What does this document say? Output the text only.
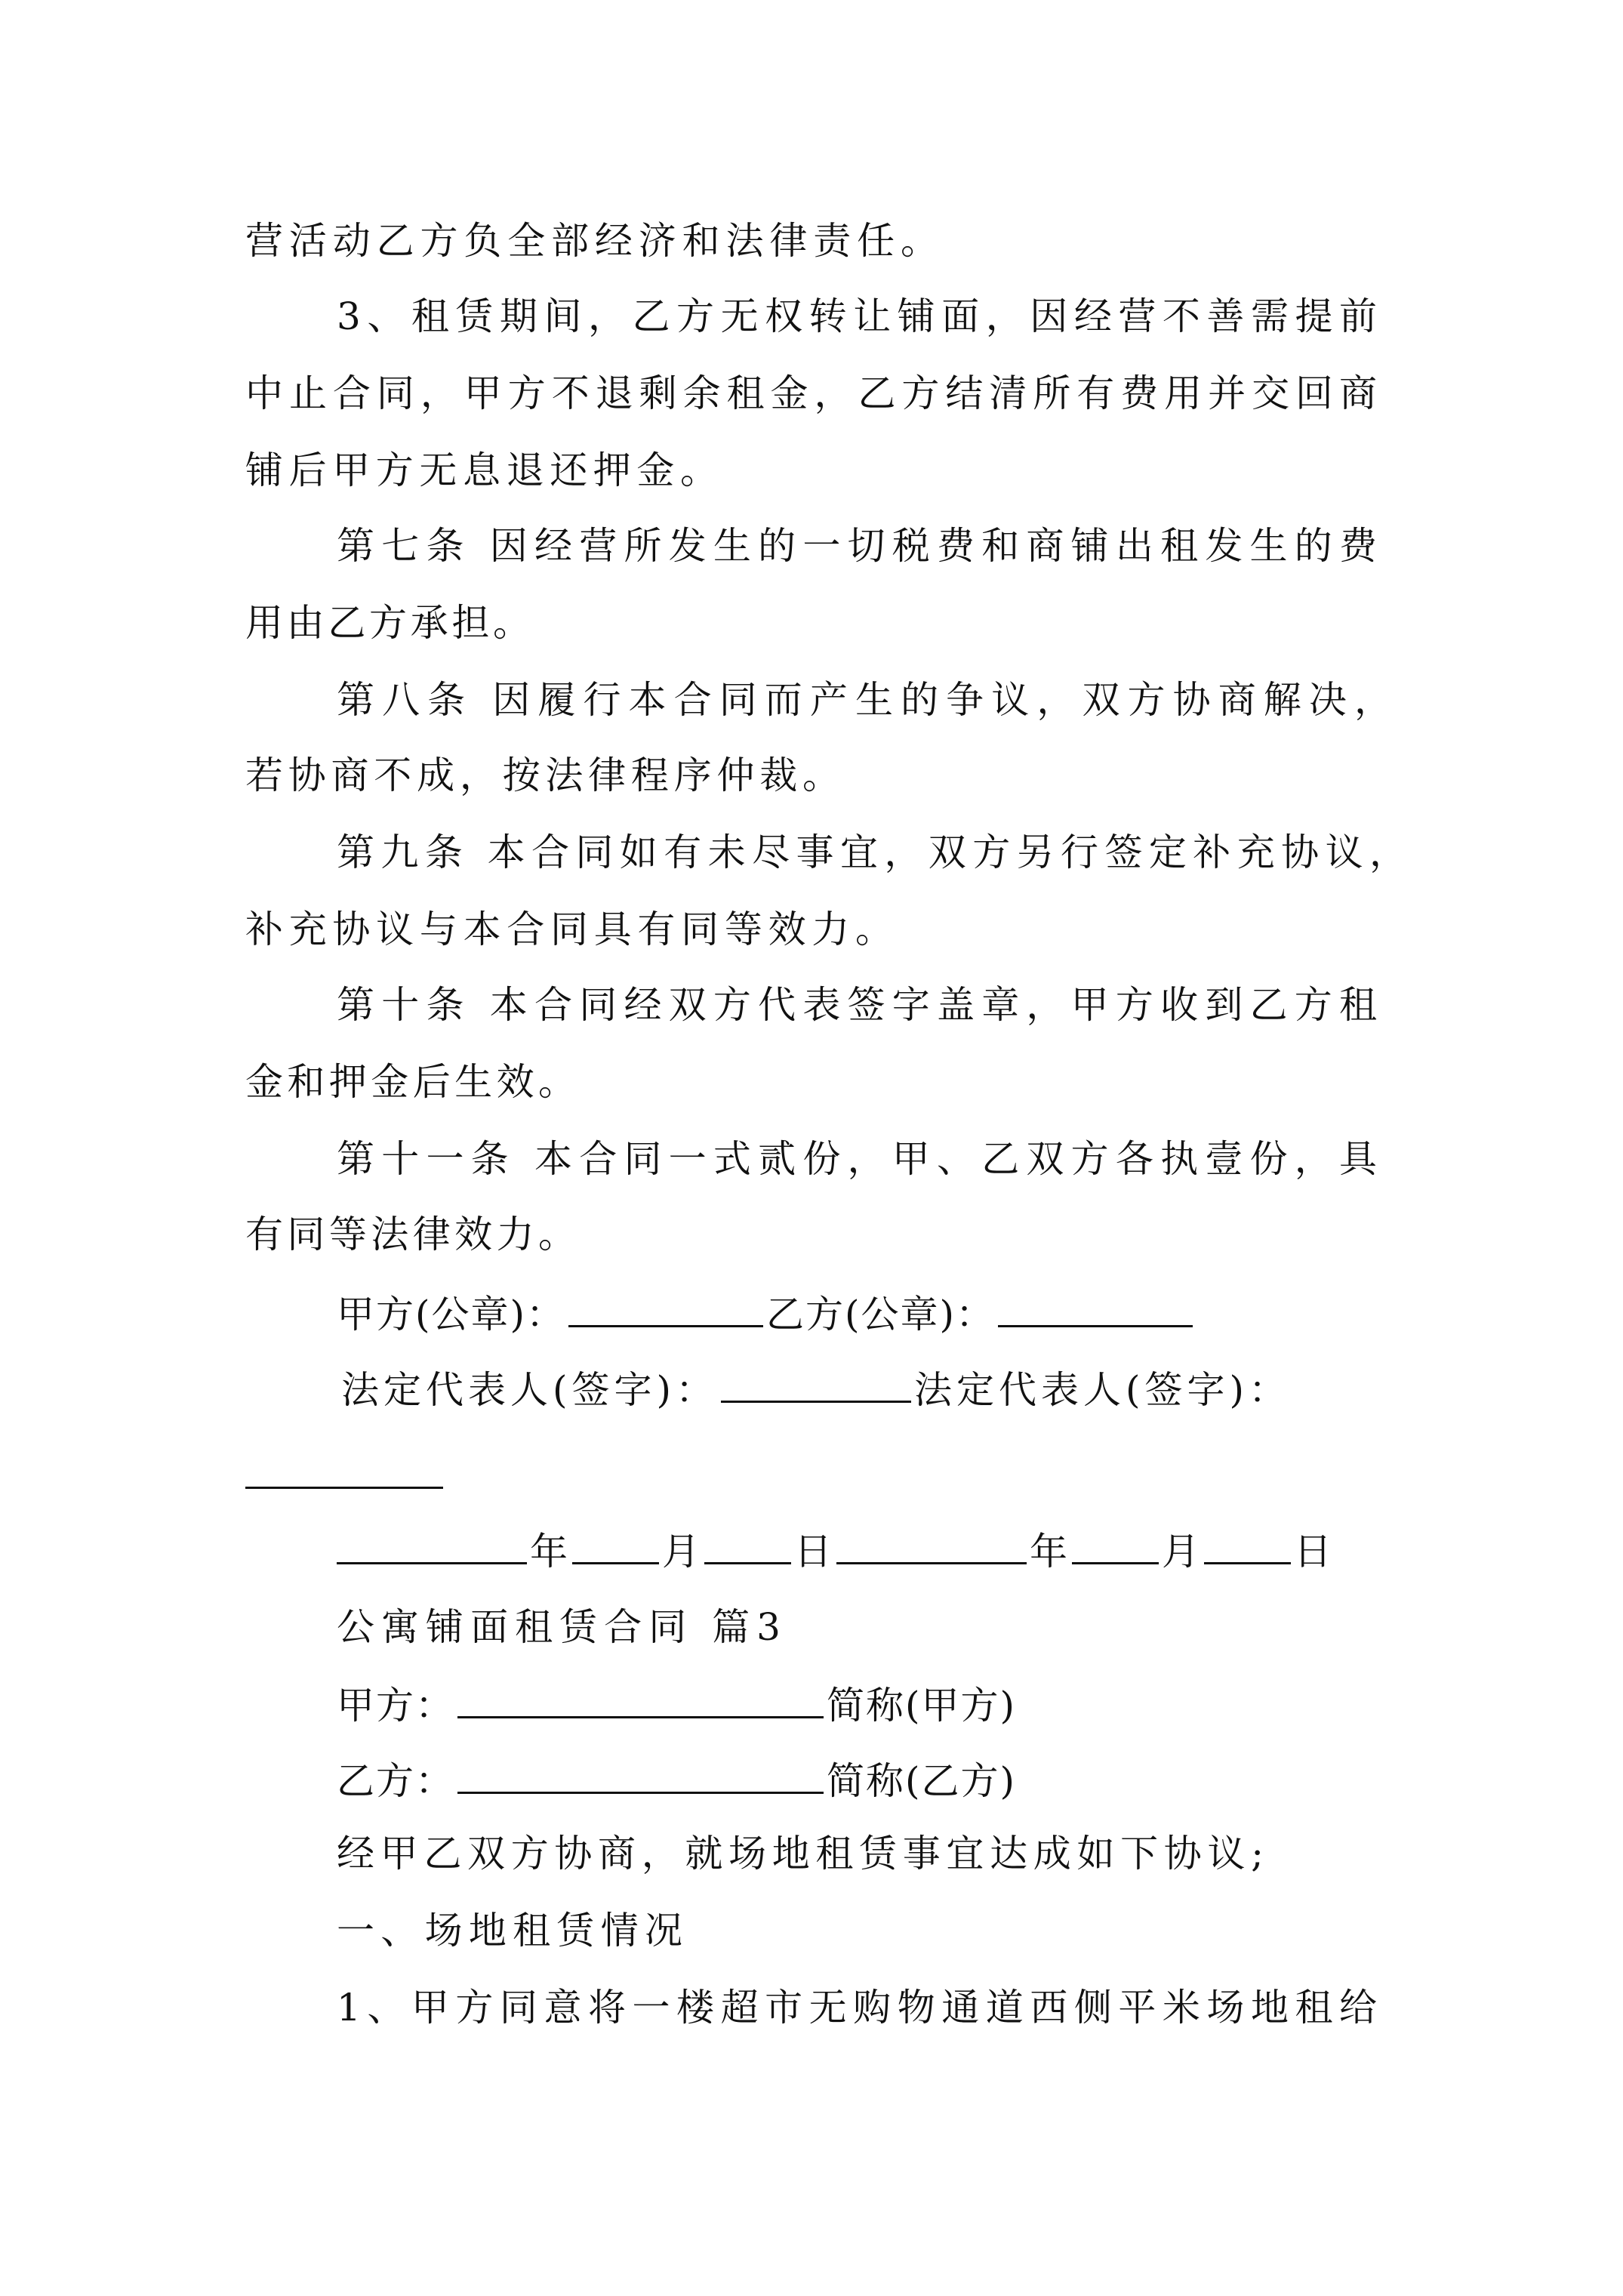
营活动乙方负全部经济和法律责任。
3、租赁期间，乙方无权转让铺面，因经营不善需提前
中止合同，甲方不退剩余租金，乙方结清所有费用并交回商
铺后甲方无息退还押金。
第七条 因经营所发生的一切税费和商铺出租发生的费
用由乙方承担。
第八条 因履行本合同而产生的争议，双方协商解决，
若协商不成，按法律程序仲裁。
第九条 本合同如有未尽事宜，双方另行签定补充协议，
补充协议与本合同具有同等效力。
第十条 本合同经双方代表签字盖章，甲方收到乙方租
金和押金后生效。
第十一条 本合同一式贰份，甲、乙双方各执壹份，具
有同等法律效力。
甲方(公章)：	乙方(公章)：
法定代表人(签字)：	法定代表人(签字)：
年 月 日	年 月 日
公寓铺面租赁合同 篇3
甲方：	简称(甲方)
乙方：	简称(乙方)
经甲乙双方协商，就场地租赁事宜达成如下协议;
一、场地租赁情况
1、甲方同意将一楼超市无购物通道西侧平米场地租给
